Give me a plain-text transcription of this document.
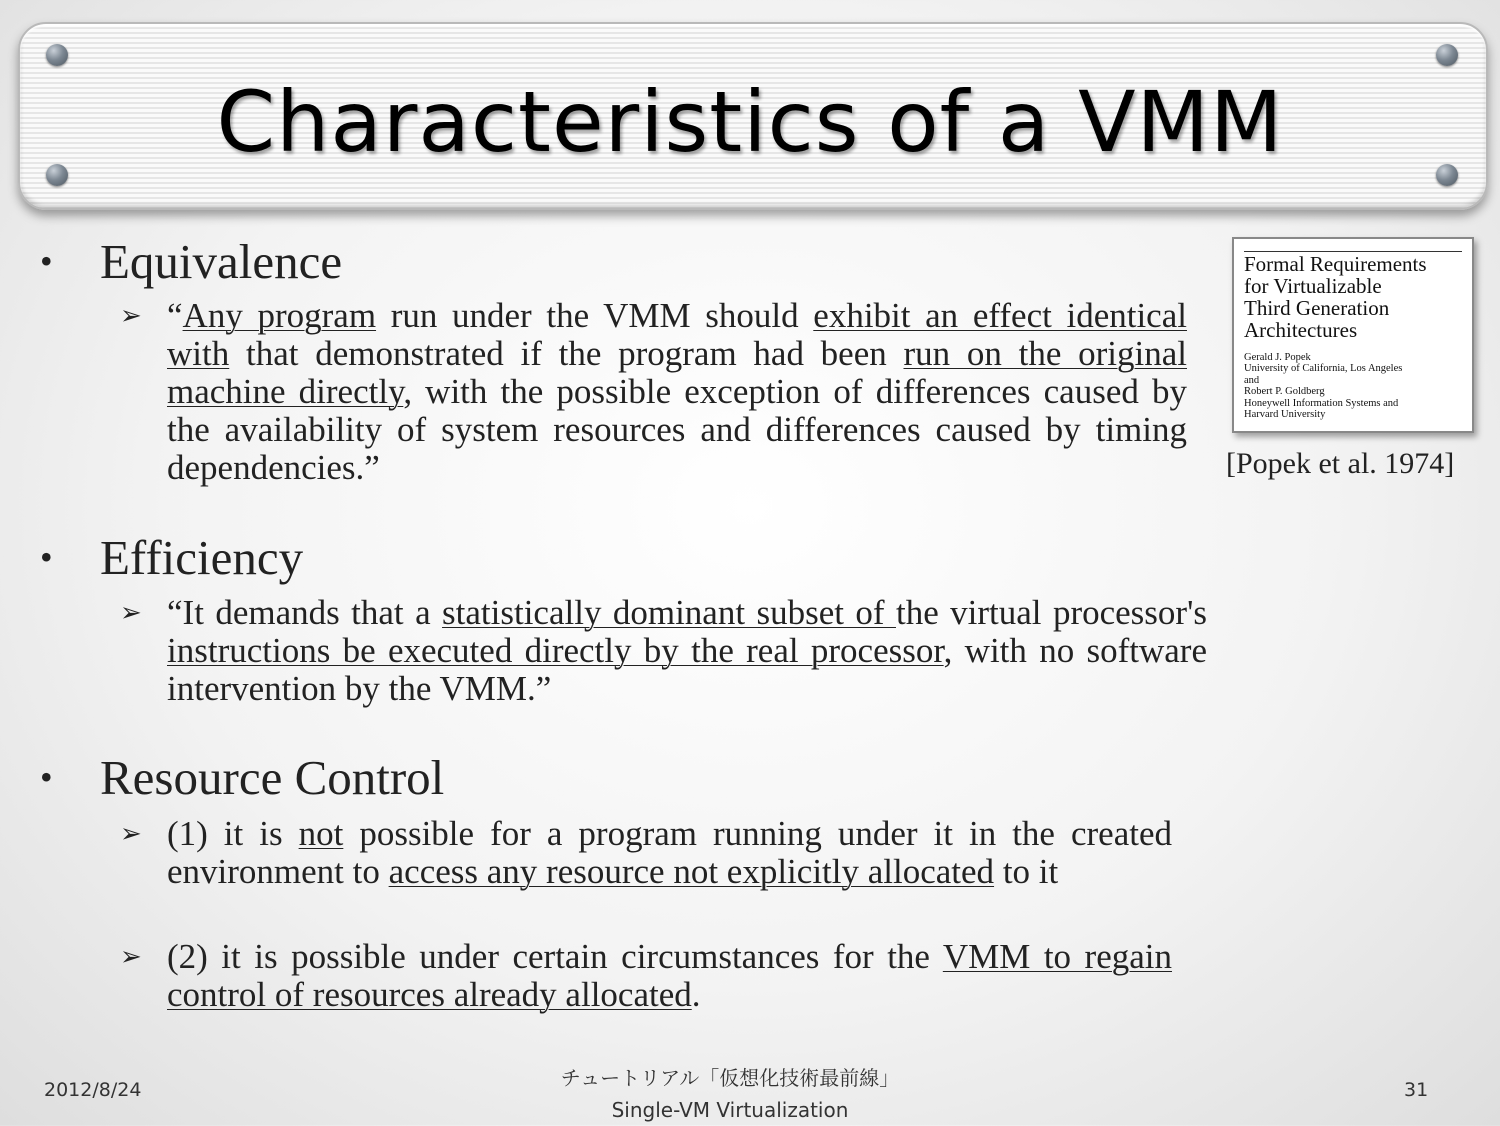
Characteristics of a VMM
• Equivalence
➢ “Any program run under the VMM should exhibit an effect identical with that demonstrated if the program had been run on the original machine directly, with the possible exception of differences caused by the availability of system resources and differences caused by timing dependencies.”
• Efficiency
➢ “It demands that a statistically dominant subset of the virtual processor's instructions be executed directly by the real processor, with no software intervention by the VMM.”
• Resource Control
➢ (1) it is not possible for a program running under it in the created environment to access any resource not explicitly allocated to it
➢ (2) it is possible under certain circumstances for the VMM to regain control of resources already allocated.
Formal Requirements
for Virtualizable
Third Generation
Architectures
Gerald J. Popek
University of California, Los Angeles
and
Robert P. Goldberg
Honeywell Information Systems and
Harvard University
[Popek et al. 1974]
2012/8/24	チュートリアル「仮想化技術最前線」
Single-VM Virtualization
31
